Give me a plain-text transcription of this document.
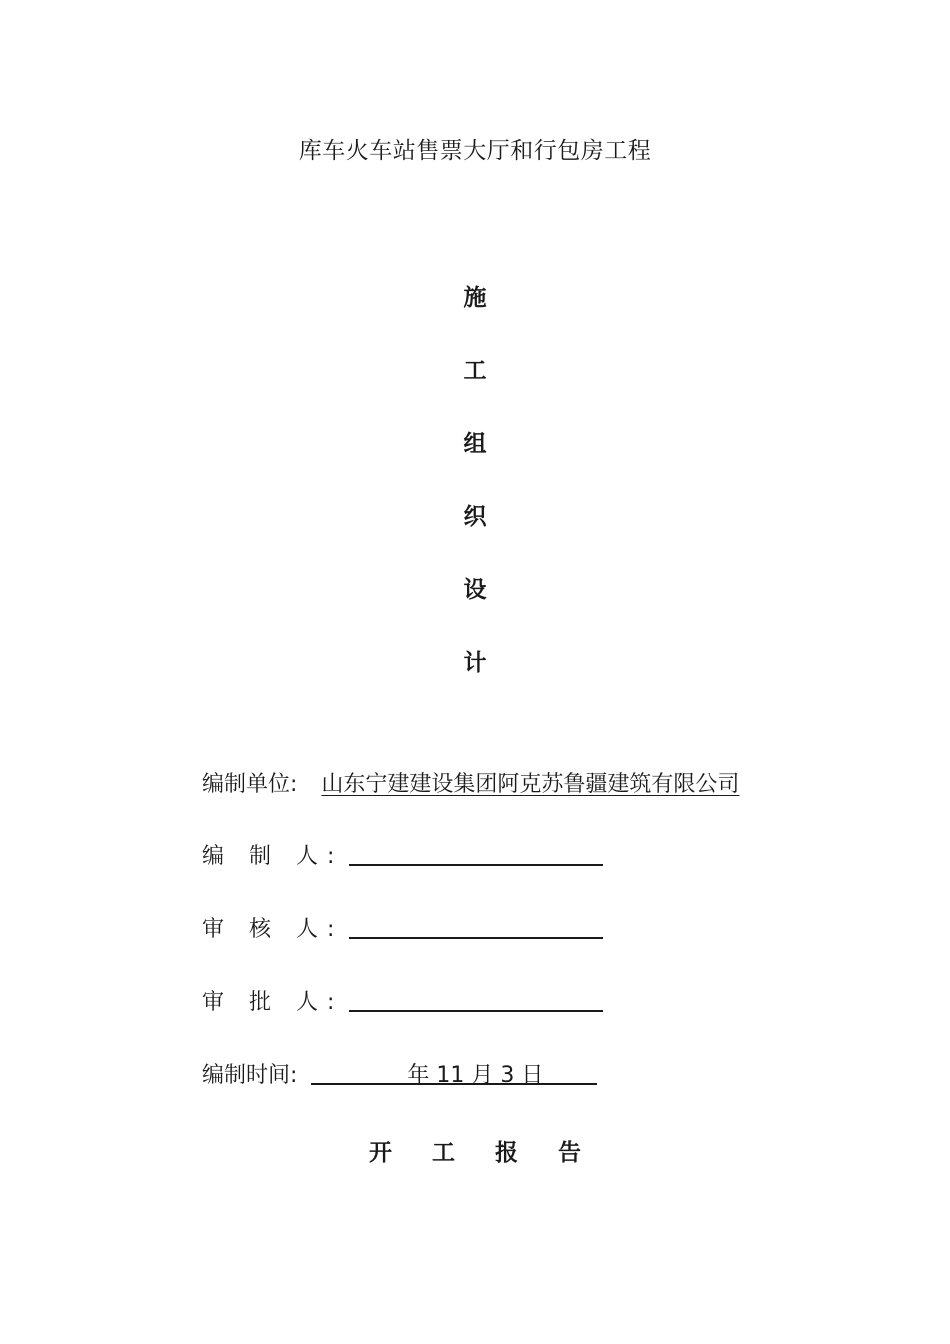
库车火车站售票大厅和行包房工程
施
工
组
织
设
计
编制单位: 山东宁建建设集团阿克苏鲁疆建筑有限公司
编 制 人:
审 核 人:
审 批 人:
编制时间:	年 11 月 3 日
开 工 报 告
